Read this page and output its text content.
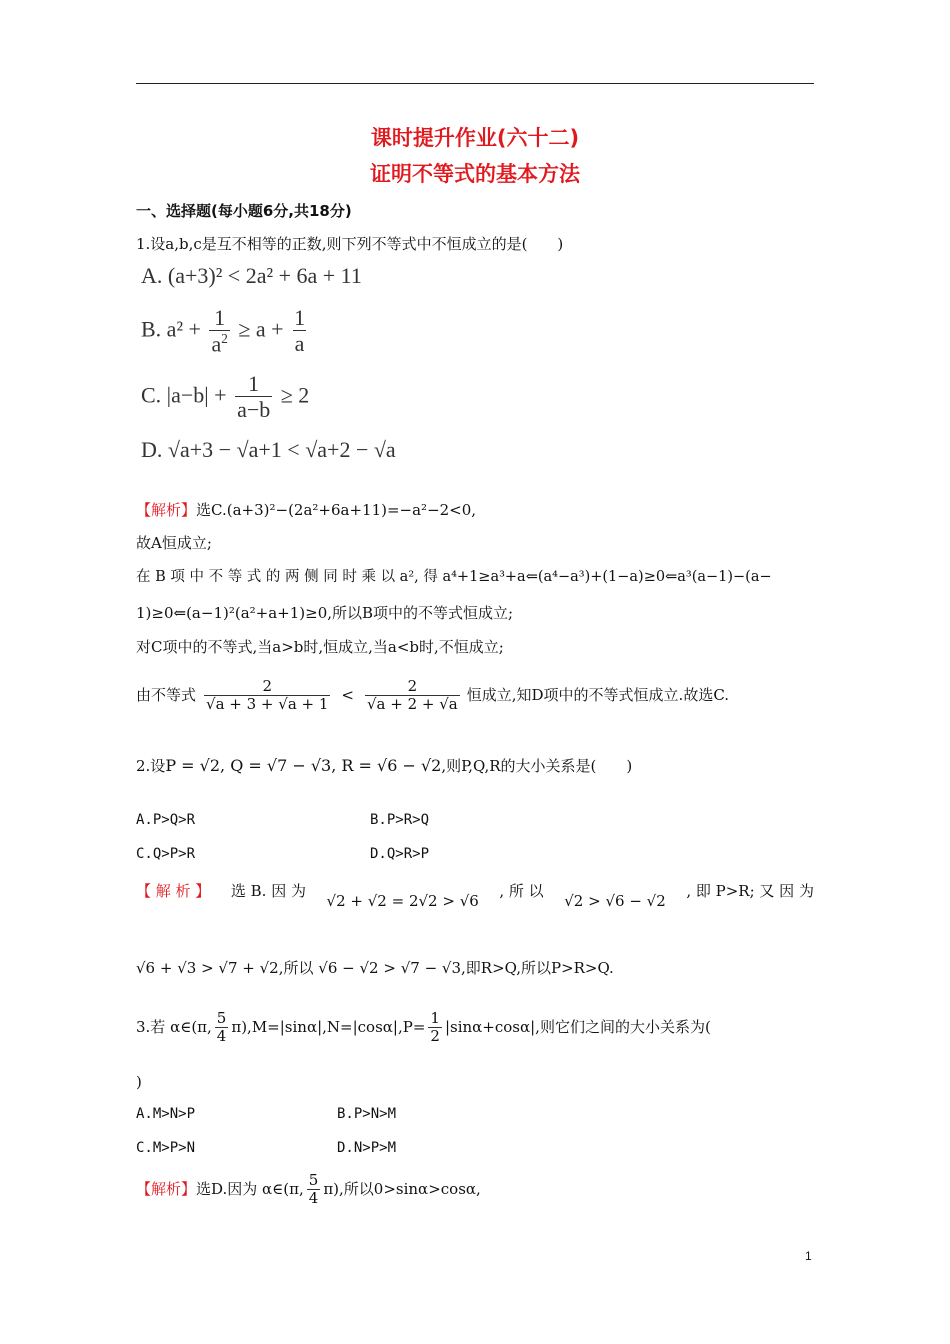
课时提升作业(六十二)
证明不等式的基本方法
一、选择题(每小题6分,共18分)
1.设a,b,c是互不相等的正数,则下列不等式中不恒成立的是(　　)
A. (a+3)² < 2a² + 6a + 11
B. $a^2 + \frac{1}{a^2} \ge a + \frac{1}{a}$
C. $|a-b| + \frac{1}{a-b} \ge 2$
D. √a+3 − √a+1 < √a+2 − √a
【解析】选C.(a+3)²−(2a²+6a+11)=−a²−2<0,
故A恒成立;
在 B 项 中 不 等 式 的 两 侧 同 时 乘 以 a², 得 a⁴+1≥a³+a⇐(a⁴−a³)+(1−a)≥0⇐a³(a−1)−(a−
1)≥0⇐(a−1)²(a²+a+1)≥0,所以B项中的不等式恒成立;
对C项中的不等式,当a>b时,恒成立,当a<b时,不恒成立;
由不等式 $\frac{2}{√a + 3 + √a + 1} < \frac{2}{√a + 2 + √a}$ 恒成立,知D项中的不等式恒成立.故选C.
2.设P = √2, Q = √7 − √3, R = √6 − √2,则P,Q,R的大小关系是(　　)
A.P>Q>R	B.P>R>Q
C.Q>P>R	D.Q>R>P
【 解 析 】 选 B. 因 为
√2 + √2 = 2√2 > √6
, 所 以
√2 > √6 − √2
, 即 P>R; 又 因 为
√6 + √3 > √7 + √2,所以 √6 − √2 > √7 − √3,即R>Q,所以P>R>Q.
3.若 α∈(π, $\frac{5}{4} \pi),M=|\sin\alpha|,N=|\cos\alpha|,P= \frac{1}{2} |\sin\alpha+\cos\alpha|$,则它们之间的大小关系为(
)
A.M>N>P	B.P>N>M
C.M>P>N	D.N>P>M
【解析】 选D.因为 α∈(π, $\frac{5}{4} \pi$),所以0>sinα>cosα,
1
